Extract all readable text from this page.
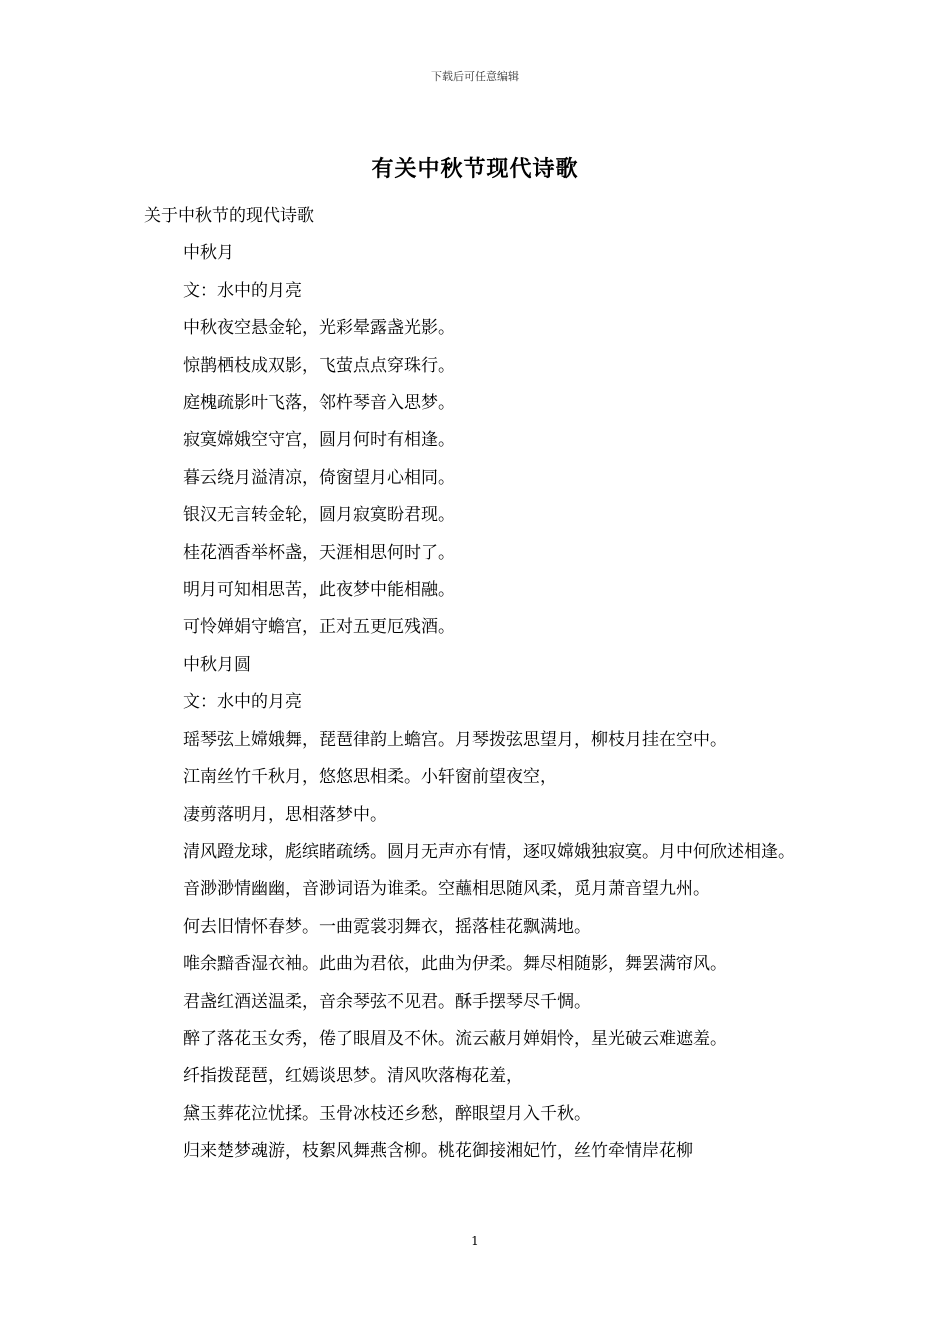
下载后可任意编辑
有关中秋节现代诗歌
关于中秋节的现代诗歌
中秋月
文：水中的月亮
中秋夜空悬金轮，光彩晕露盏光影。
惊鹊栖枝成双影，飞萤点点穿珠行。
庭槐疏影叶飞落，邻杵琴音入思梦。
寂寞嫦娥空守宫，圆月何时有相逢。
暮云绕月溢清凉，倚窗望月心相同。
银汉无言转金轮，圆月寂寞盼君现。
桂花酒香举杯盏，天涯相思何时了。
明月可知相思苦，此夜梦中能相融。
可怜婵娟守蟾宫，正对五更厄残酒。
中秋月圆
文：水中的月亮
瑶琴弦上嫦娥舞，琵琶律韵上蟾宫。月琴拨弦思望月，柳枝月挂在空中。
江南丝竹千秋月，悠悠思相柔。小轩窗前望夜空，
凄剪落明月，思相落梦中。
清风蹬龙球，彪缤睹疏绣。圆月无声亦有情，逐叹嫦娥独寂寞。月中何欣述相逢。
音渺渺情幽幽，音渺词语为谁柔。空蘸相思随风柔，觅月萧音望九州。
何去旧情怀春梦。一曲霓裳羽舞衣，摇落桂花飘满地。
唯余黯香湿衣袖。此曲为君依，此曲为伊柔。舞尽相随影，舞罢满帘风。
君盏红酒送温柔，音余琴弦不见君。酥手摆琴尽千惆。
醉了落花玉女秀，倦了眼眉及不休。流云蔽月婵娟怜，星光破云难遮羞。
纤指拨琵琶，红嫣谈思梦。清风吹落梅花羞，
黛玉葬花泣忧揉。玉骨冰枝还乡愁，醉眼望月入千秋。
归来楚梦魂游，枝絮风舞燕含柳。桃花御接湘妃竹，丝竹牵情岸花柳
1
